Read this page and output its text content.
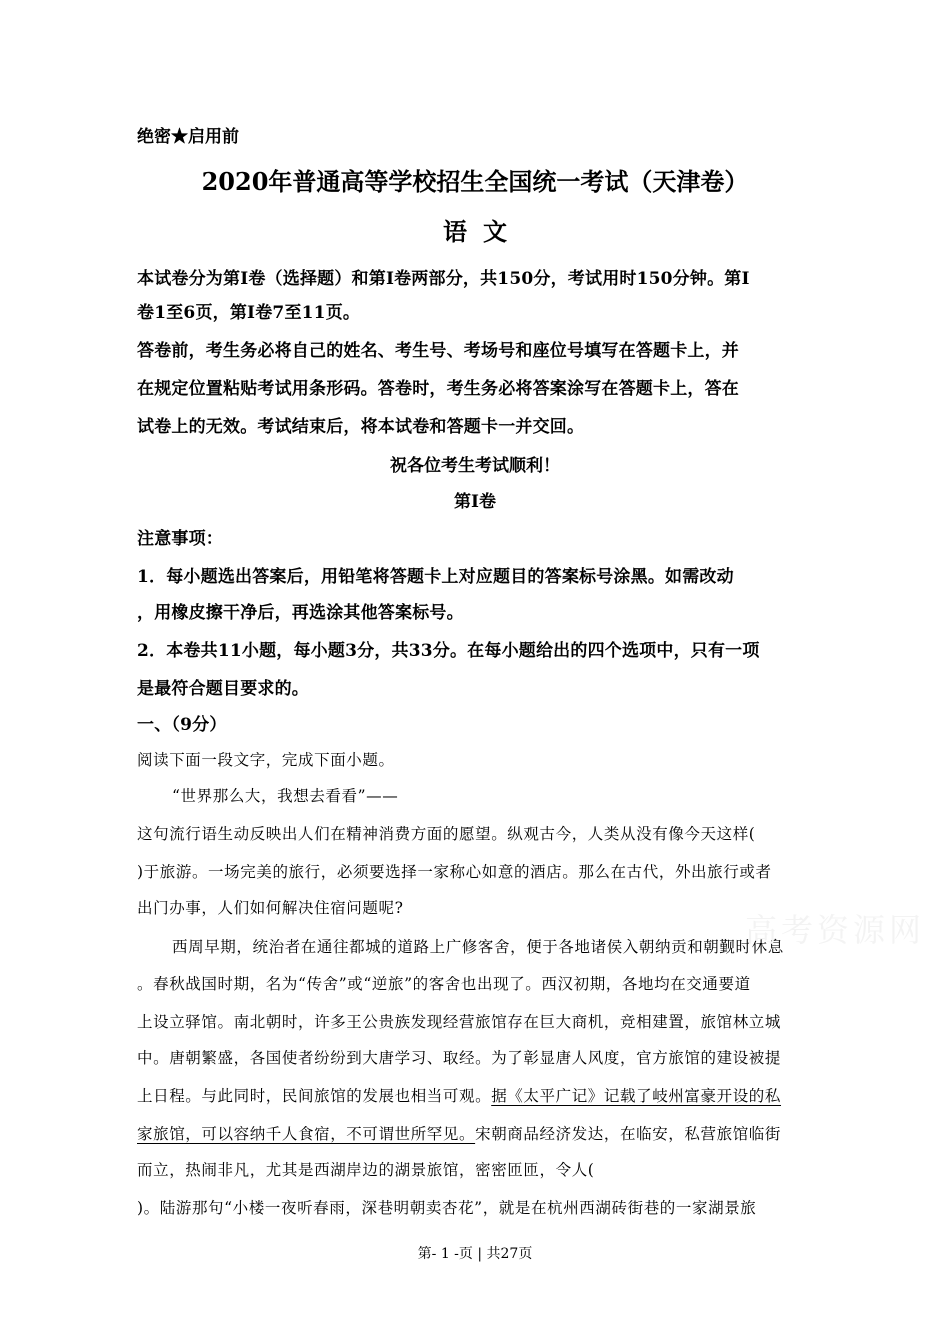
绝密★启用前
2020年普通高等学校招生全国统一考试（天津卷）
语文
本试卷分为第I卷（选择题）和第I卷两部分，共150分，考试用时150分钟。第I
卷1至6页，第I卷7至11页。
答卷前，考生务必将自己的姓名、考生号、考场号和座位号填写在答题卡上，并
在规定位置粘贴考试用条形码。答卷时，考生务必将答案涂写在答题卡上，答在
试卷上的无效。考试结束后，将本试卷和答题卡一并交回。
祝各位考生考试顺利！
第I卷
注意事项：
1．每小题选出答案后，用铅笔将答题卡上对应题目的答案标号涂黑。如需改动
，用橡皮擦干净后，再选涂其他答案标号。
2．本卷共11小题，每小题3分，共33分。在每小题给出的四个选项中，只有一项
是最符合题目要求的。
一、（9分）
阅读下面一段文字，完成下面小题。
“世界那么大，我想去看看”——
这句流行语生动反映出人们在精神消费方面的愿望。纵观古今，人类从没有像今天这样(
)于旅游。一场完美的旅行，必须要选择一家称心如意的酒店。那么在古代，外出旅行或者
出门办事，人们如何解决住宿问题呢?
西周早期，统治者在通往都城的道路上广修客舍，便于各地诸侯入朝纳贡和朝觐时休息
。春秋战国时期，名为“传舍”或“逆旅”的客舍也出现了。西汉初期，各地均在交通要道
上设立驿馆。南北朝时，许多王公贵族发现经营旅馆存在巨大商机，竞相建置，旅馆林立城
中。唐朝繁盛，各国使者纷纷到大唐学习、取经。为了彰显唐人风度，官方旅馆的建设被提
上日程。与此同时，民间旅馆的发展也相当可观。据《太平广记》记载了岐州富豪开设的私
家旅馆，可以容纳千人食宿，不可谓世所罕见。宋朝商品经济发达，在临安，私营旅馆临街
而立，热闹非凡，尤其是西湖岸边的湖景旅馆，密密匝匝，令人(
)。陆游那句“小楼一夜听春雨，深巷明朝卖杏花”，就是在杭州西湖砖街巷的一家湖景旅
高考资源网
第- 1 -页 | 共27页
